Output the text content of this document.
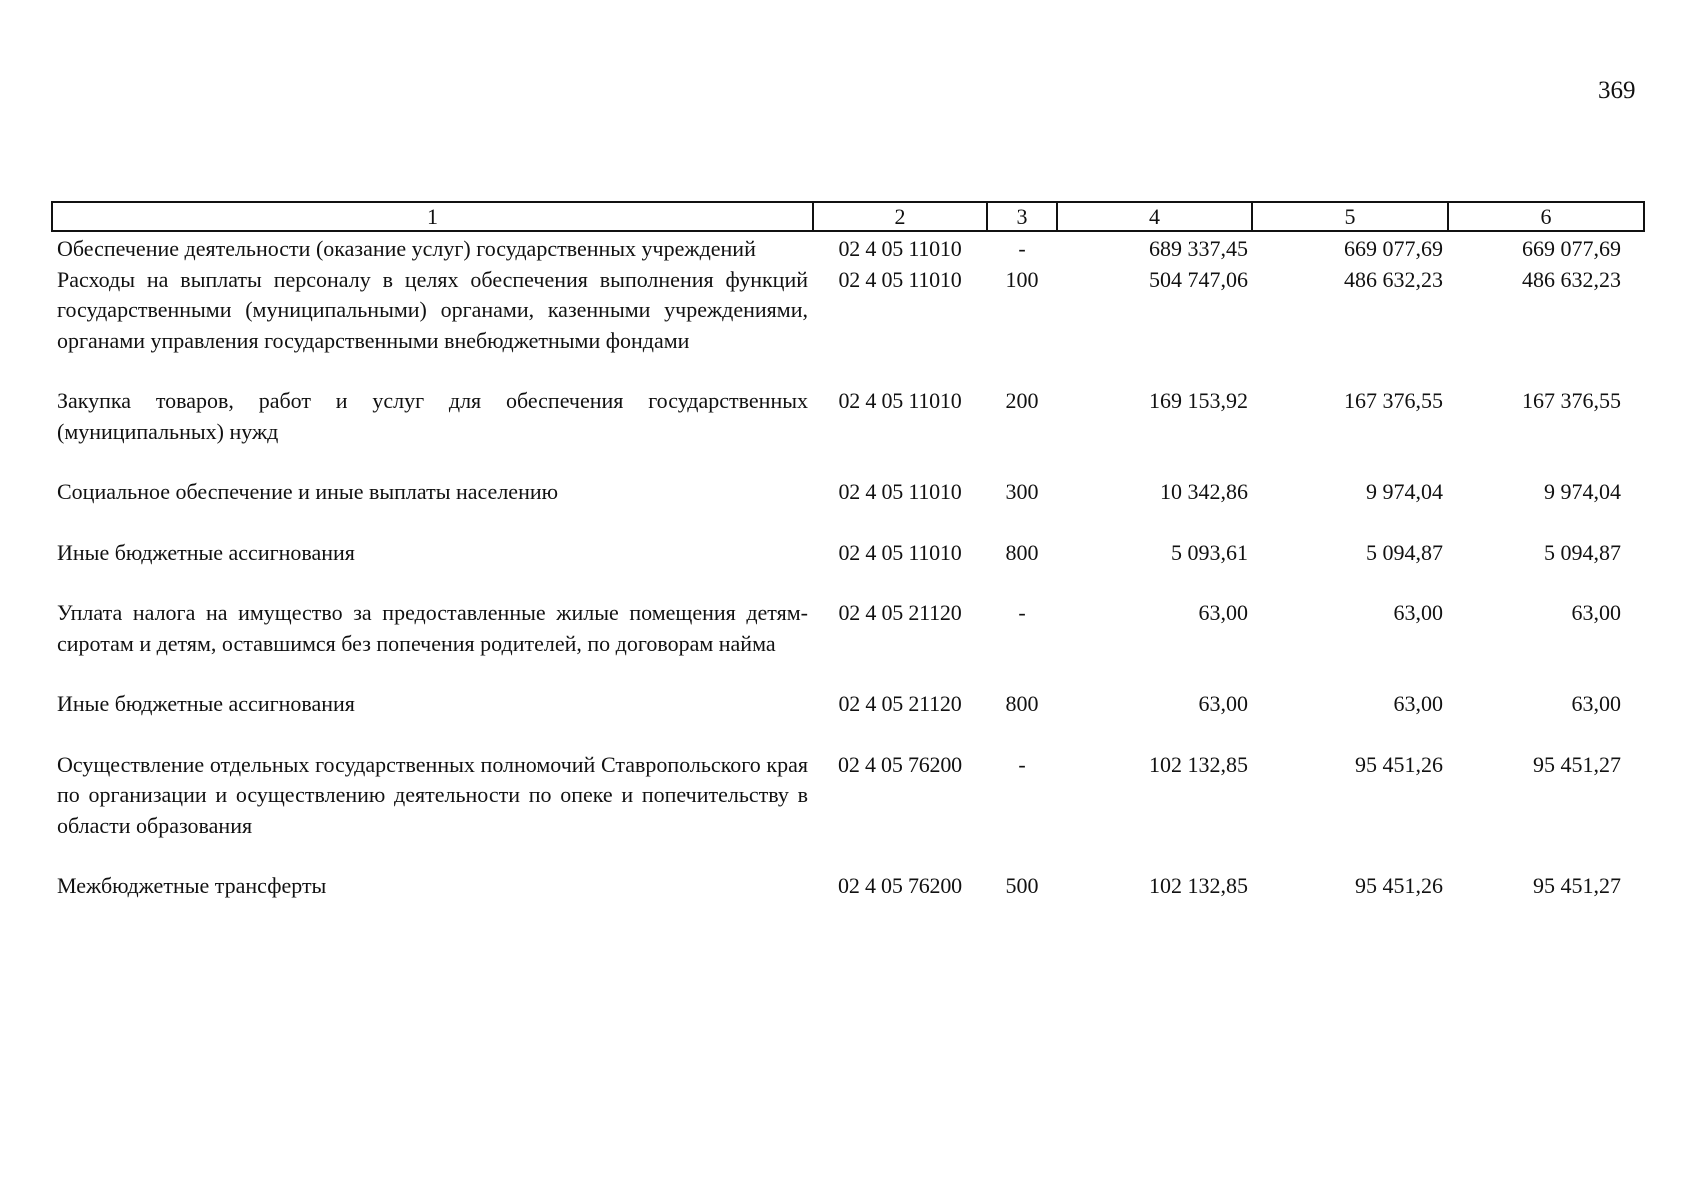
369
1	2	3	4	5	6
Обеспечение деятельности (оказание услуг) государственных учреждений	02 4 05 11010	-	689 337,45	669 077,69	669 077,69
Расходы на выплаты персоналу в целях обеспечения выполнения функций государственными (муниципальными) органами, казенными учреждениями, органами управления государственными внебюджетными фондами	02 4 05 11010	100	504 747,06	486 632,23	486 632,23
Закупка товаров, работ и услуг для обеспечения государственных (муниципальных) нужд	02 4 05 11010	200	169 153,92	167 376,55	167 376,55
Социальное обеспечение и иные выплаты населению	02 4 05 11010	300	10 342,86	9 974,04	9 974,04
Иные бюджетные ассигнования	02 4 05 11010	800	5 093,61	5 094,87	5 094,87
Уплата налога на имущество за предоставленные жилые помещения детям-сиротам и детям, оставшимся без попечения родителей, по договорам найма	02 4 05 21120	-	63,00	63,00	63,00
Иные бюджетные ассигнования	02 4 05 21120	800	63,00	63,00	63,00
Осуществление отдельных государственных полномочий Ставропольского края по организации и осуществлению деятельности по опеке и попечительству в области образования	02 4 05 76200	-	102 132,85	95 451,26	95 451,27
Межбюджетные трансферты	02 4 05 76200	500	102 132,85	95 451,26	95 451,27
